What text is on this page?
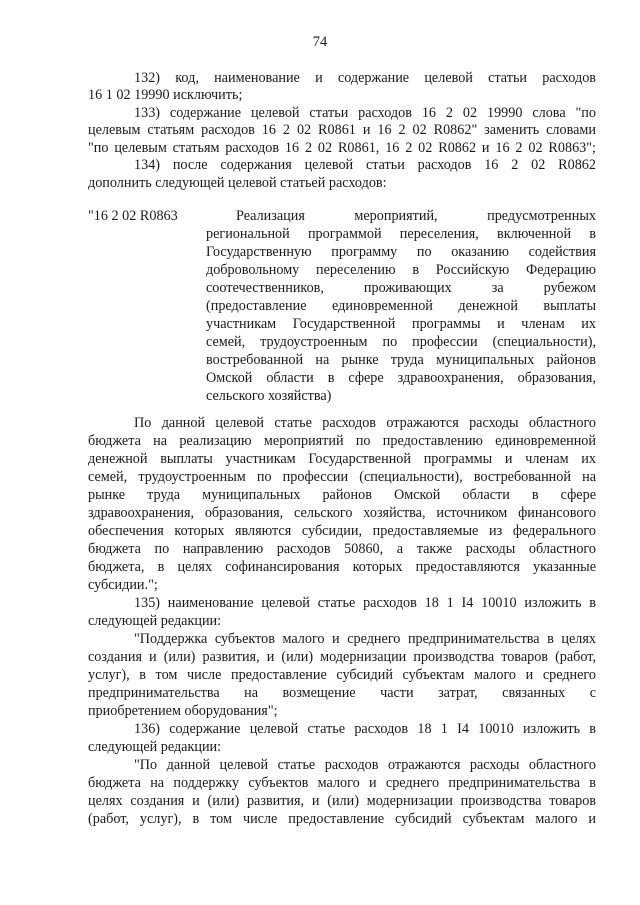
74
132) код, наименование и содержание целевой статьи расходов
16 1 02 19990 исключить;
133) содержание целевой статьи расходов 16 2 02 19990 слова "по
целевым статьям расходов 16 2 02 R0861 и 16 2 02 R0862" заменить словами
"по целевым статьям расходов 16 2 02 R0861, 16 2 02 R0862 и 16 2 02 R0863";
134) после содержания целевой статьи расходов 16 2 02 R0862
дополнить следующей целевой статьей расходов:
"16 2 02 R0863	Реализация мероприятий, предусмотренных
региональной программой переселения, включенной в
Государственную программу по оказанию содействия
добровольному переселению в Российскую Федерацию
соотечественников, проживающих за рубежом
(предоставление единовременной денежной выплаты
участникам Государственной программы и членам их
семей, трудоустроенным по профессии (специальности),
востребованной на рынке труда муниципальных районов
Омской области в сфере здравоохранения, образования,
сельского хозяйства)
По данной целевой статье расходов отражаются расходы областного
бюджета на реализацию мероприятий по предоставлению единовременной
денежной выплаты участникам Государственной программы и членам их
семей, трудоустроенным по профессии (специальности), востребованной на
рынке труда муниципальных районов Омской области в сфере
здравоохранения, образования, сельского хозяйства, источником финансового
обеспечения которых являются субсидии, предоставляемые из федерального
бюджета по направлению расходов 50860, а также расходы областного
бюджета, в целях софинансирования которых предоставляются указанные
субсидии.";
135) наименование целевой статье расходов 18 1 I4 10010 изложить в
следующей редакции:
"Поддержка субъектов малого и среднего предпринимательства в целях
создания и (или) развития, и (или) модернизации производства товаров (работ,
услуг), в том числе предоставление субсидий субъектам малого и среднего
предпринимательства на возмещение части затрат, связанных с
приобретением оборудования";
136) содержание целевой статье расходов 18 1 I4 10010 изложить в
следующей редакции:
"По данной целевой статье расходов отражаются расходы областного
бюджета на поддержку субъектов малого и среднего предпринимательства в
целях создания и (или) развития, и (или) модернизации производства товаров
(работ, услуг), в том числе предоставление субсидий субъектам малого и
